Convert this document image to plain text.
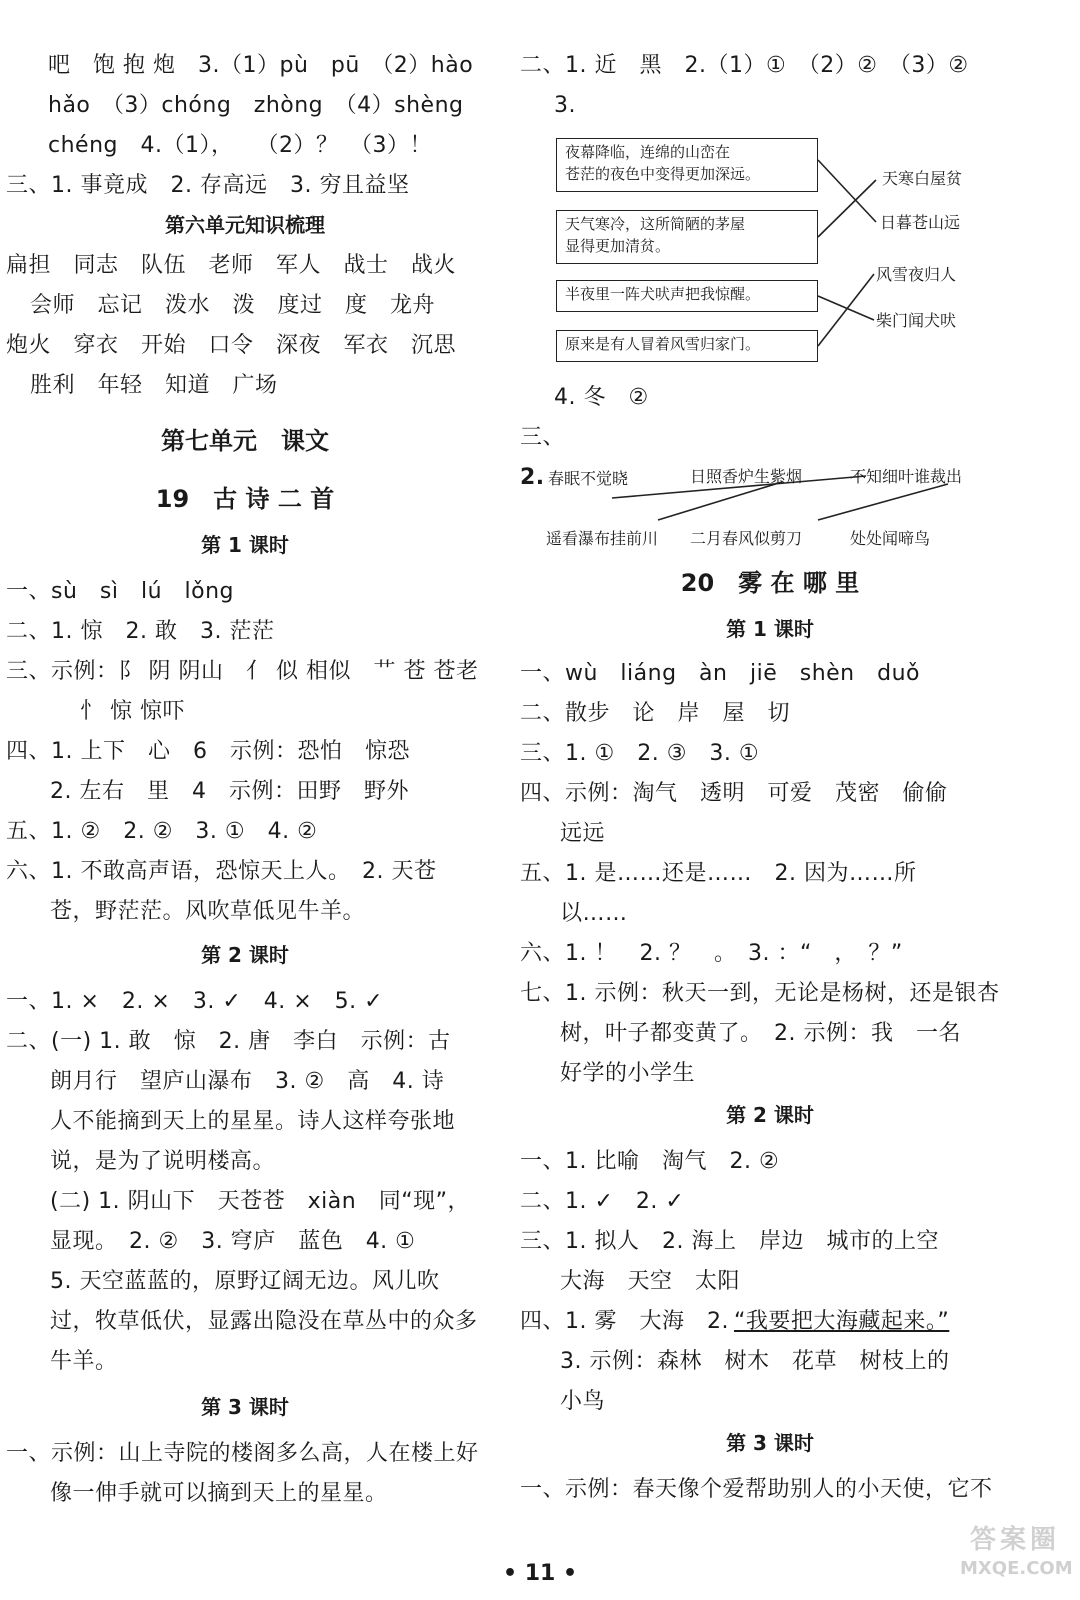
吧　饱 抱 炮　3.（1）pù　pū　（2）hào
hǎo　（3）chóng　zhòng　（4）shèng
chéng　4.（1），　　（2）？　（3）！
三、1. 事竟成　2. 存高远　3. 穷且益坚
第六单元知识梳理
扁担　同志　队伍　老师　军人　战士　战火
会师　忘记　泼水　泼　度过　度　龙舟
炮火　穿衣　开始　口令　深夜　军衣　沉思
胜利　年轻　知道　广场
第七单元　课文
19　古 诗 二 首
第 1 课时
一、sù　sì　lú　lǒng
二、1. 惊　2. 敢　3. 茫茫
三、示例：阝 阴 阴山　亻 似 相似　艹 苍 苍老
忄 惊 惊吓
四、1. 上下　心　6　示例：恐怕　惊恐
2. 左右　里　4　示例：田野　野外
五、1. ②　2. ②　3. ①　4. ②
六、1. 不敢高声语，恐惊天上人。　2. 天苍
苍，野茫茫。风吹草低见牛羊。
第 2 课时
一、1. ×　2. ×　3. ✓　4. ×　5. ✓
二、(一) 1. 敢　惊　2. 唐　李白　示例：古
朗月行　望庐山瀑布　3. ②　高　4. 诗
人不能摘到天上的星星。诗人这样夸张地
说，是为了说明楼高。
(二) 1. 阴山下　天苍苍　xiàn　同“现”，
显现。　2. ②　3. 穹庐　蓝色　4. ①
5. 天空蓝蓝的，原野辽阔无边。风儿吹
过，牧草低伏，显露出隐没在草丛中的众多
牛羊。
第 3 课时
一、示例：山上寺院的楼阁多么高，人在楼上好
像一伸手就可以摘到天上的星星。
二、1. 近　黑　2.（1）①　（2）②　（3）②
3.
夜幕降临，连绵的山峦在
苍茫的夜色中变得更加深远。
天气寒冷，这所简陋的茅屋
显得更加清贫。
半夜里一阵犬吠声把我惊醒。
原来是有人冒着风雪归家门。
天寒白屋贫
日暮苍山远
风雪夜归人
柴门闻犬吠
4. 冬　②
三、
2. 春眠不觉晓	日照香炉生紫烟	不知细叶谁裁出
遥看瀑布挂前川 二月春风似剪刀	处处闻啼鸟
20　雾 在 哪 里
第 1 课时
一、wù　liáng　àn　jiē　shèn　duǒ
二、散步　论　岸　屋　切
三、1. ①　2. ③　3. ①
四、示例：淘气　透明　可爱　茂密　偷偷
远远
五、1. 是……还是……　2. 因为……所
以……
六、1. ！　2. ？　。　3. ：“　，　？”
七、1. 示例：秋天一到，无论是杨树，还是银杏
树，叶子都变黄了。　2. 示例：我　一名
好学的小学生
第 2 课时
一、1. 比喻　淘气　2. ②
二、1. ✓　2. ✓
三、1. 拟人　2. 海上　岸边　城市的上空
大海　天空　太阳
四、1. 雾　大海　2. “我要把大海藏起来。”
3. 示例：森林　树木　花草　树枝上的
小鸟
第 3 课时
一、示例：春天像个爱帮助别人的小天使，它不
• 11 •
答案圈
MXQE.COM
